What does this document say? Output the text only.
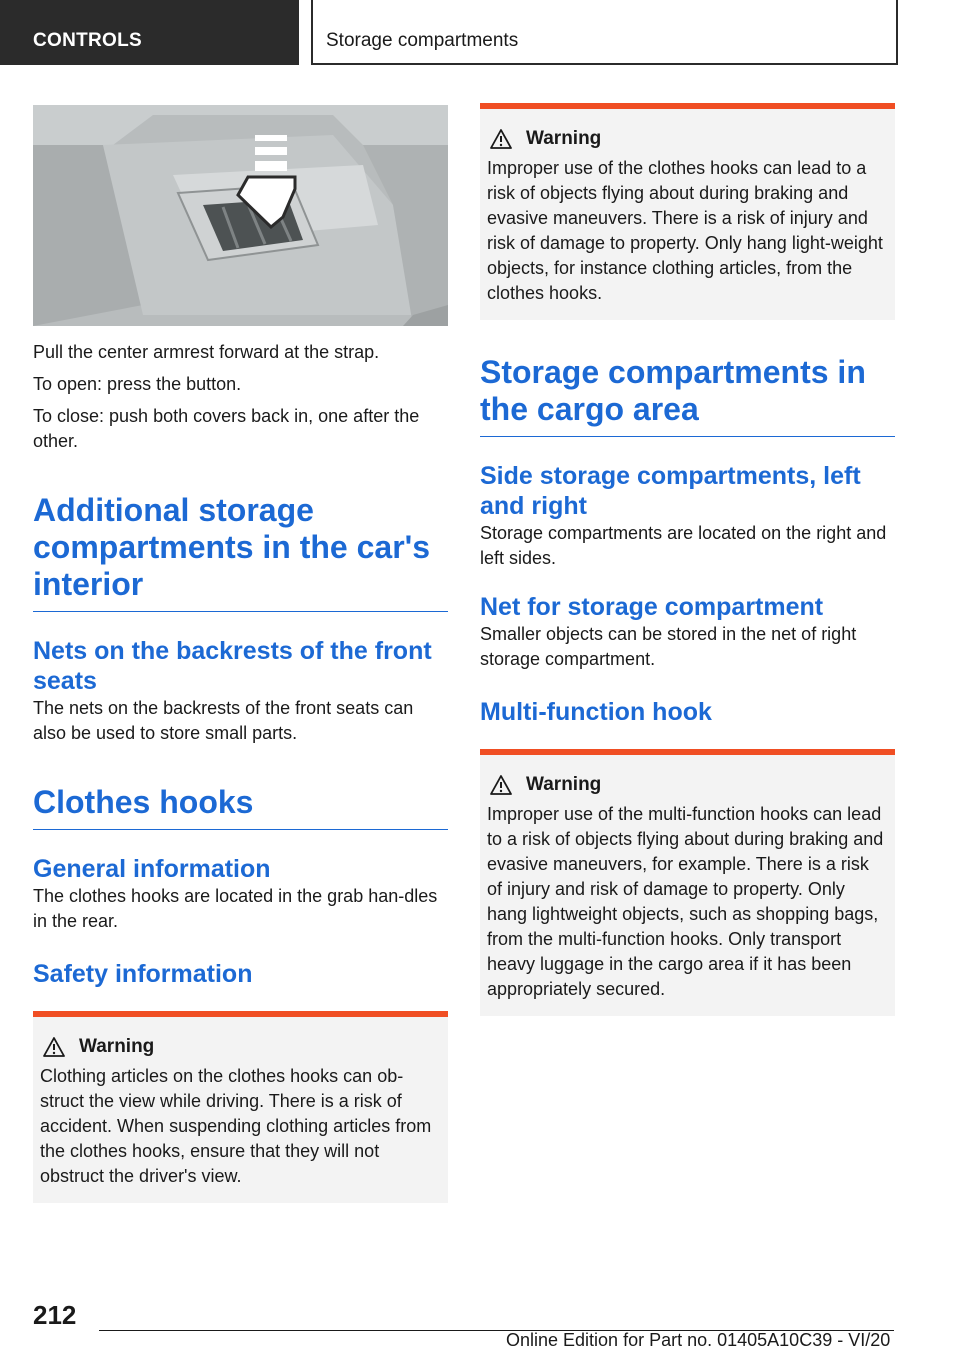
CONTROLS	Storage compartments

Pull the center armrest forward at the strap.

To open: press the button.

To close: push both covers back in, one after the other.

Additional storage compartments in the car's interior
Nets on the backrests of the front seats

The nets on the backrests of the front seats can also be used to store small parts.

Clothes hooks
General information

The clothes hooks are located in the grab han-dles in the rear.

Safety information
Warning
Clothing articles on the clothes hooks can ob-struct the view while driving. There is a risk of accident. When suspending clothing articles from the clothes hooks, ensure that they will not obstruct the driver's view.
Warning
Improper use of the clothes hooks can lead to a risk of objects flying about during braking and evasive maneuvers. There is a risk of injury and risk of damage to property. Only hang light-weight objects, for instance clothing articles, from the clothes hooks.
Storage compartments in the cargo area
Side storage compartments, left and right

Storage compartments are located on the right and left sides.

Net for storage compartment

Smaller objects can be stored in the net of right storage compartment.

Multi-function hook
Warning
Improper use of the multi-function hooks can lead to a risk of objects flying about during braking and evasive maneuvers, for example. There is a risk of injury and risk of damage to property. Only hang lightweight objects, such as shopping bags, from the multi-function hooks. Only transport heavy luggage in the cargo area if it has been appropriately secured.
212
Online Edition for Part no. 01405A10C39 - VI/20
